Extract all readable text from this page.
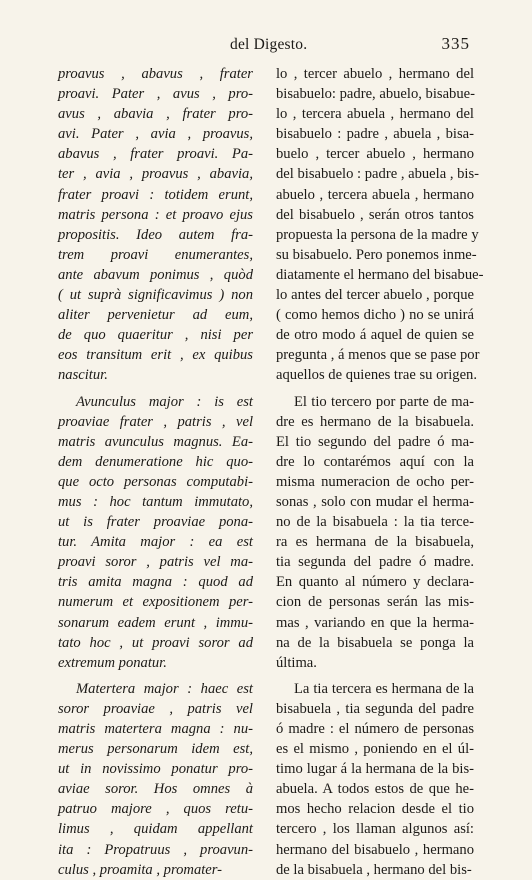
del Digesto.	335
proavus , abavus , frater
proavi. Pater , avus , pro-
avus , abavia , frater pro-
avi. Pater , avia , proavus,
abavus , frater proavi. Pa-
ter , avia , proavus , abavia,
frater proavi : totidem erunt,
matris persona : et proavo ejus
propositis. Ideo autem fra-
trem proavi enumerantes,
ante abavum ponimus , quòd
( ut suprà significavimus ) non
aliter pervenietur ad eum,
de quo quaeritur , nisi per
eos transitum erit , ex quibus
nascitur.
Avunculus major : is est
proaviae frater , patris , vel
matris avunculus magnus. Ea-
dem denumeratione hic quo-
que octo personas computabi-
mus : hoc tantum immutato,
ut is frater proaviae pona-
tur. Amita major : ea est
proavi soror , patris vel ma-
tris amita magna : quod ad
numerum et expositionem per-
sonarum eadem erunt , immu-
tato hoc , ut proavi soror ad
extremum ponatur.
Matertera major : haec est
soror proaviae , patris vel
matris matertera magna : nu-
merus personarum idem est,
ut in novissimo ponatur pro-
aviae soror. Hos omnes à
patruo majore , quos retu-
limus , quidam appellant
ita : Propatruus , proavun-
culus , proamita , promater-
lo , tercer abuelo , hermano del
bisabuelo: padre, abuelo, bisabue-
lo , tercera abuela , hermano del
bisabuelo : padre , abuela , bisa-
buelo , tercer abuelo , hermano
del bisabuelo : padre , abuela , bis-
abuelo , tercera abuela , hermano
del bisabuelo , serán otros tantos
propuesta la persona de la madre y
su bisabuelo. Pero ponemos inme-
diatamente el hermano del bisabue-
lo antes del tercer abuelo , porque
( como hemos dicho ) no se unirá
de otro modo á aquel de quien se
pregunta , á menos que se pase por
aquellos de quienes trae su origen.
El tio tercero por parte de ma-
dre es hermano de la bisabuela.
El tio segundo del padre ó ma-
dre lo contarémos aquí con la
misma numeracion de ocho per-
sonas , solo con mudar el herma-
no de la bisabuela : la tia terce-
ra es hermana de la bisabuela,
tia segunda del padre ó madre.
En quanto al número y declara-
cion de personas serán las mis-
mas , variando en que la herma-
na de la bisabuela se ponga la
última.
La tia tercera es hermana de la
bisabuela , tia segunda del padre
ó madre : el número de personas
es el mismo , poniendo en el úl-
timo lugar á la hermana de la bis-
abuela. A todos estos de que he-
mos hecho relacion desde el tio
tercero , los llaman algunos así:
hermano del bisabuelo , hermano
de la bisabuela , hermano del bis-
